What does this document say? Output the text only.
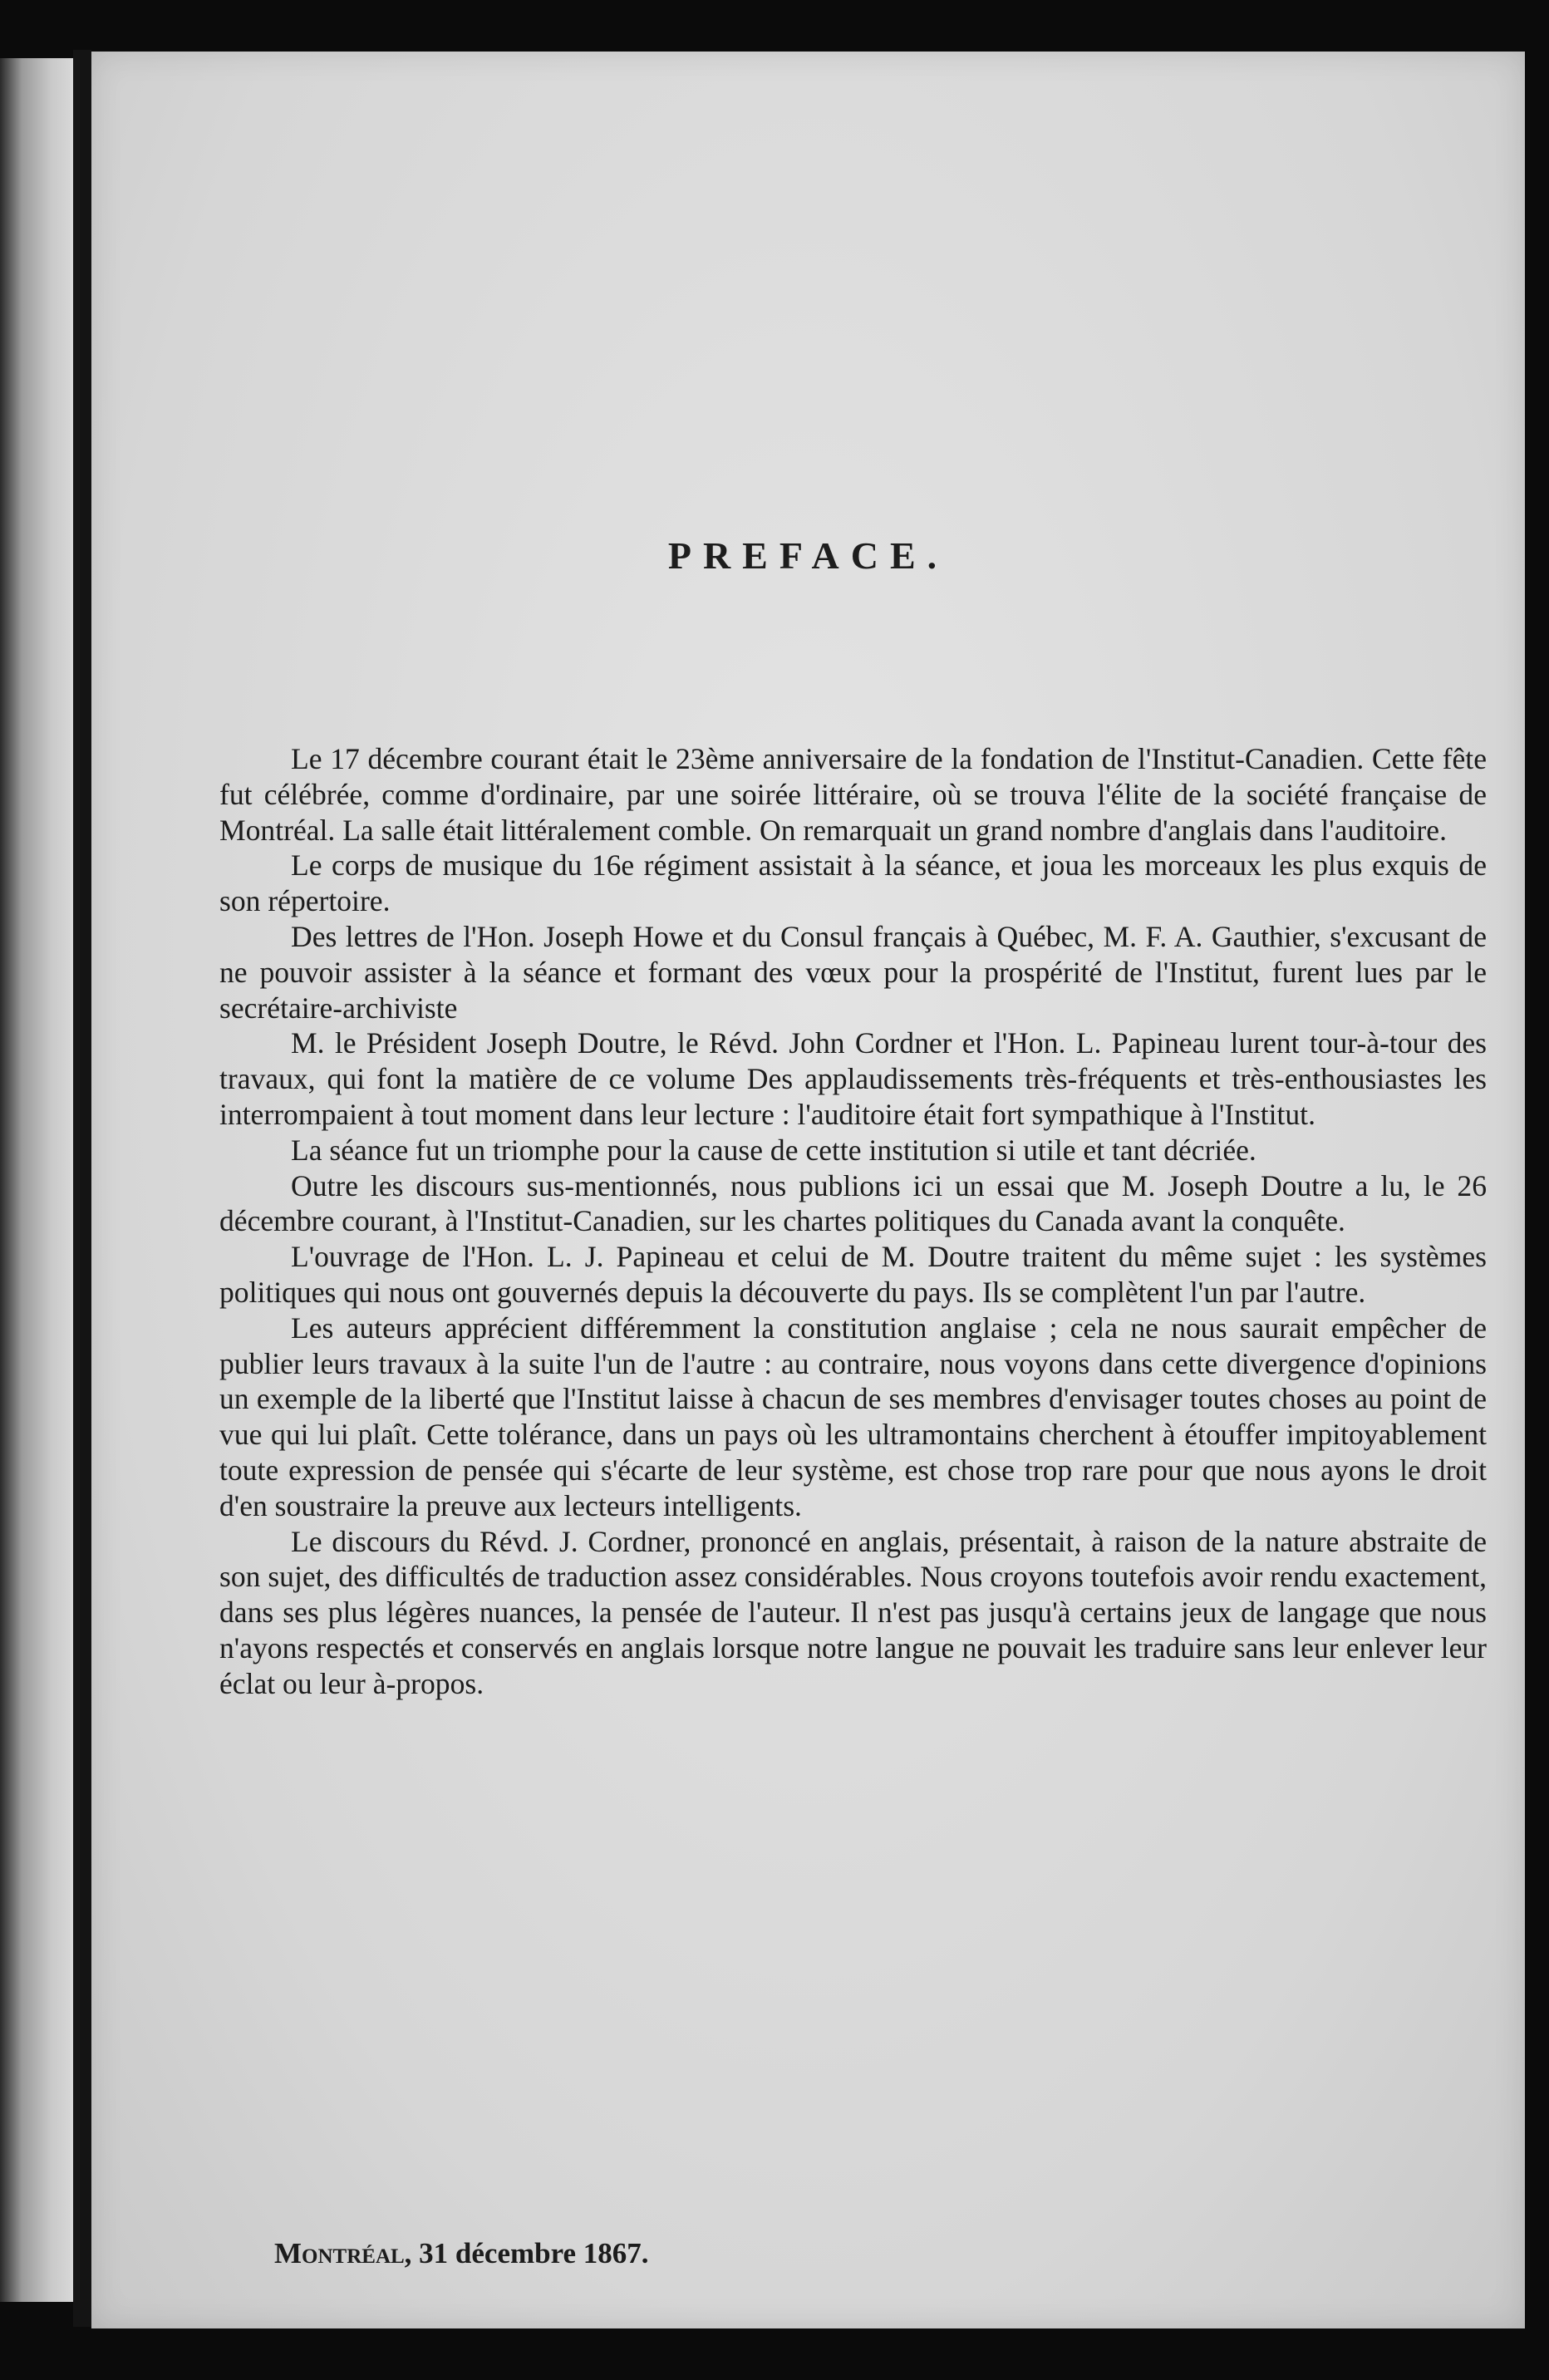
PREFACE.

Le 17 décembre courant était le 23ème anniversaire de la fondation de l'Institut-Canadien. Cette fête fut célébrée, comme d'ordinaire, par une soirée littéraire, où se trouva l'élite de la société française de Montréal. La salle était littéralement comble. On remarquait un grand nombre d'anglais dans l'auditoire.

Le corps de musique du 16e régiment assistait à la séance, et joua les morceaux les plus exquis de son répertoire.

Des lettres de l'Hon. Joseph Howe et du Consul français à Québec, M. F. A. Gauthier, s'excusant de ne pouvoir assister à la séance et formant des vœux pour la prospérité de l'Institut, furent lues par le secrétaire-archiviste

M. le Président Joseph Doutre, le Révd. John Cordner et l'Hon. L. Papineau lurent tour-à-tour des travaux, qui font la matière de ce volume Des applaudissements très-fréquents et très-enthousiastes les interrompaient à tout moment dans leur lecture : l'auditoire était fort sympathique à l'Institut.

La séance fut un triomphe pour la cause de cette institution si utile et tant décriée.

Outre les discours sus-mentionnés, nous publions ici un essai que M. Joseph Doutre a lu, le 26 décembre courant, à l'Institut-Canadien, sur les chartes politiques du Canada avant la conquête.

L'ouvrage de l'Hon. L. J. Papineau et celui de M. Doutre traitent du même sujet : les systèmes politiques qui nous ont gouvernés depuis la découverte du pays. Ils se complètent l'un par l'autre.

Les auteurs apprécient différemment la constitution anglaise ; cela ne nous saurait empêcher de publier leurs travaux à la suite l'un de l'autre : au contraire, nous voyons dans cette divergence d'opinions un exemple de la liberté que l'Institut laisse à chacun de ses membres d'envisager toutes choses au point de vue qui lui plaît. Cette tolérance, dans un pays où les ultramontains cherchent à étouffer impitoyablement toute expression de pensée qui s'écarte de leur système, est chose trop rare pour que nous ayons le droit d'en soustraire la preuve aux lecteurs intelligents.

Le discours du Révd. J. Cordner, prononcé en anglais, présentait, à raison de la nature abstraite de son sujet, des difficultés de traduction assez considérables. Nous croyons toutefois avoir rendu exactement, dans ses plus légères nuances, la pensée de l'auteur. Il n'est pas jusqu'à certains jeux de langage que nous n'ayons respectés et conservés en anglais lorsque notre langue ne pouvait les traduire sans leur enlever leur éclat ou leur à-propos.

Montréal, 31 décembre 1867.
